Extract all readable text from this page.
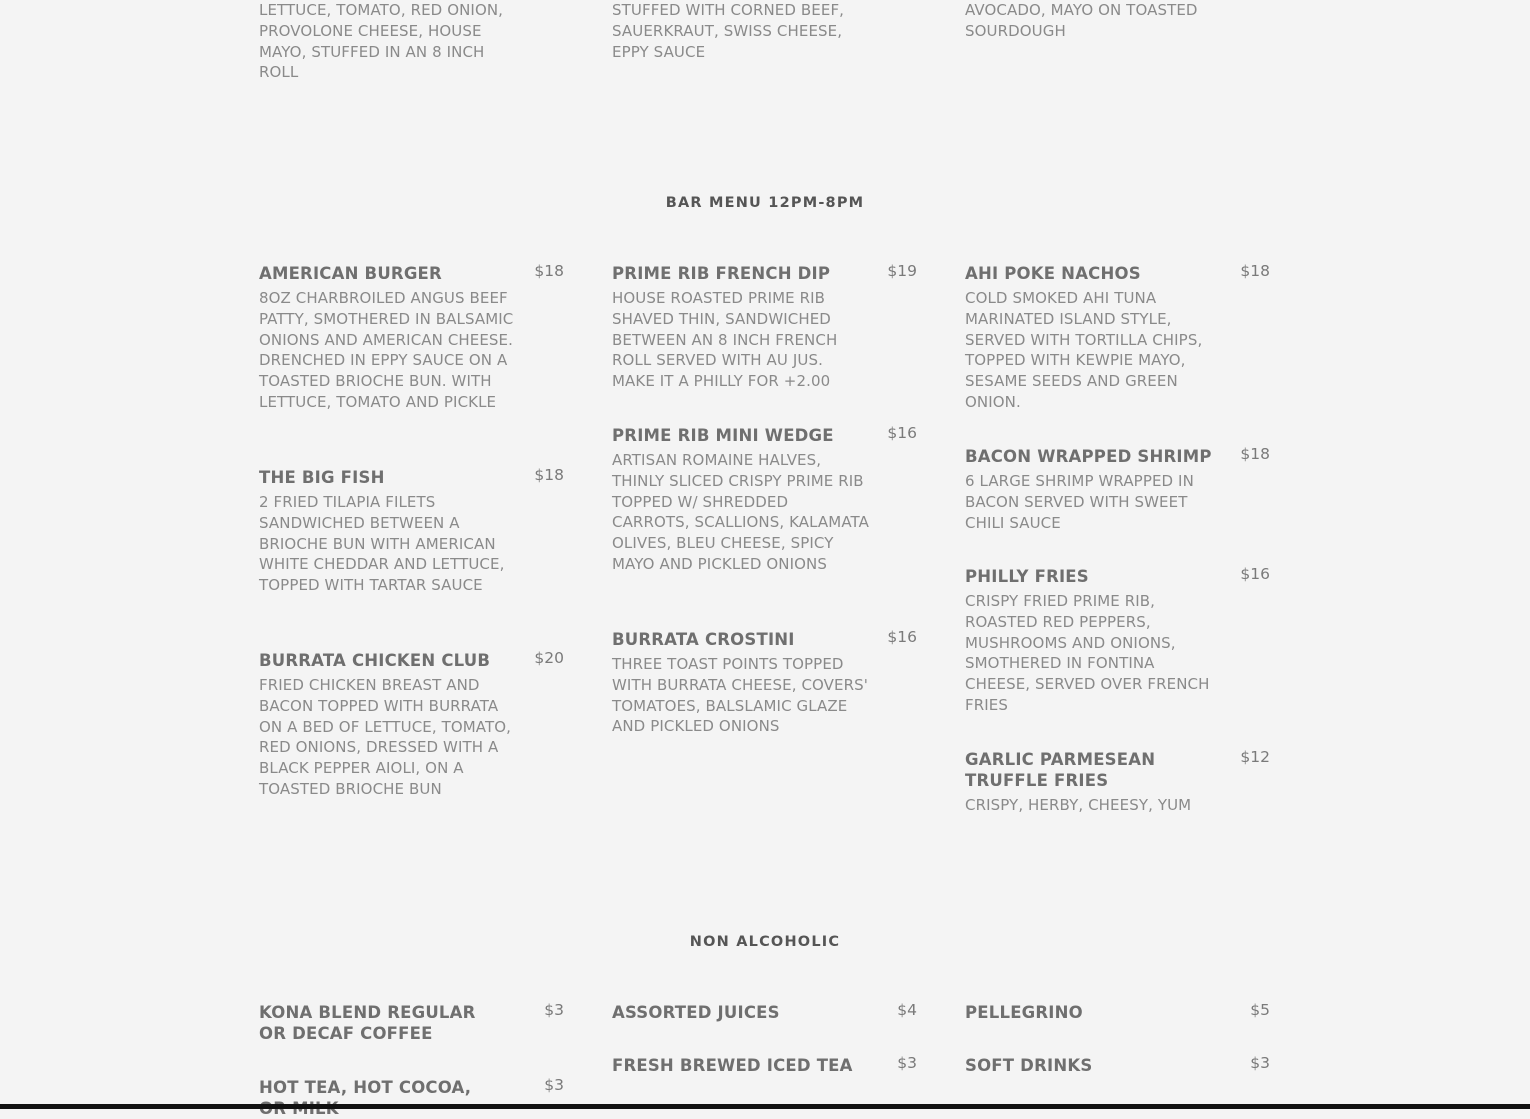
LETTUCE, TOMATO, RED ONION, PROVOLONE CHEESE, HOUSE MAYO, STUFFED IN AN 8 INCH ROLL
STUFFED WITH CORNED BEEF, SAUERKRAUT, SWISS CHEESE, EPPY SAUCE
AVOCADO, MAYO ON TOASTED SOURDOUGH
BAR MENU 12PM-8PM
AMERICAN BURGER	$18
8OZ CHARBROILED ANGUS BEEF PATTY, SMOTHERED IN BALSAMIC ONIONS AND AMERICAN CHEESE. DRENCHED IN EPPY SAUCE ON A TOASTED BRIOCHE BUN. WITH LETTUCE, TOMATO AND PICKLE
THE BIG FISH	$18
2 FRIED TILAPIA FILETS SANDWICHED BETWEEN A BRIOCHE BUN WITH AMERICAN WHITE CHEDDAR AND LETTUCE, TOPPED WITH TARTAR SAUCE
BURRATA CHICKEN CLUB	$20
FRIED CHICKEN BREAST AND BACON TOPPED WITH BURRATA ON A BED OF LETTUCE, TOMATO, RED ONIONS, DRESSED WITH A BLACK PEPPER AIOLI, ON A TOASTED BRIOCHE BUN
PRIME RIB FRENCH DIP	$19
HOUSE ROASTED PRIME RIB SHAVED THIN, SANDWICHED BETWEEN AN 8 INCH FRENCH ROLL SERVED WITH AU JUS. MAKE IT A PHILLY FOR +2.00
PRIME RIB MINI WEDGE	$16
ARTISAN ROMAINE HALVES, THINLY SLICED CRISPY PRIME RIB TOPPED W/ SHREDDED CARROTS, SCALLIONS, KALAMATA OLIVES, BLEU CHEESE, SPICY MAYO AND PICKLED ONIONS
BURRATA CROSTINI	$16
THREE TOAST POINTS TOPPED WITH BURRATA CHEESE, COVERS' TOMATOES, BALSLAMIC GLAZE AND PICKLED ONIONS
AHI POKE NACHOS	$18
COLD SMOKED AHI TUNA MARINATED ISLAND STYLE, SERVED WITH TORTILLA CHIPS, TOPPED WITH KEWPIE MAYO, SESAME SEEDS AND GREEN ONION.
BACON WRAPPED SHRIMP $18
6 LARGE SHRIMP WRAPPED IN BACON SERVED WITH SWEET CHILI SAUCE
PHILLY FRIES	$16
CRISPY FRIED PRIME RIB, ROASTED RED PEPPERS, MUSHROOMS AND ONIONS, SMOTHERED IN FONTINA CHEESE, SERVED OVER FRENCH FRIES
GARLIC PARMESEAN TRUFFLE FRIES
$12
CRISPY, HERBY, CHEESY, YUM
NON ALCOHOLIC
KONA BLEND REGULAR OR DECAF COFFEE
$3
HOT TEA, HOT COCOA,	$3
ASSORTED JUICES	$4
FRESH BREWED ICED TEA	$3
PELLEGRINO	$5
SOFT DRINKS	$3
